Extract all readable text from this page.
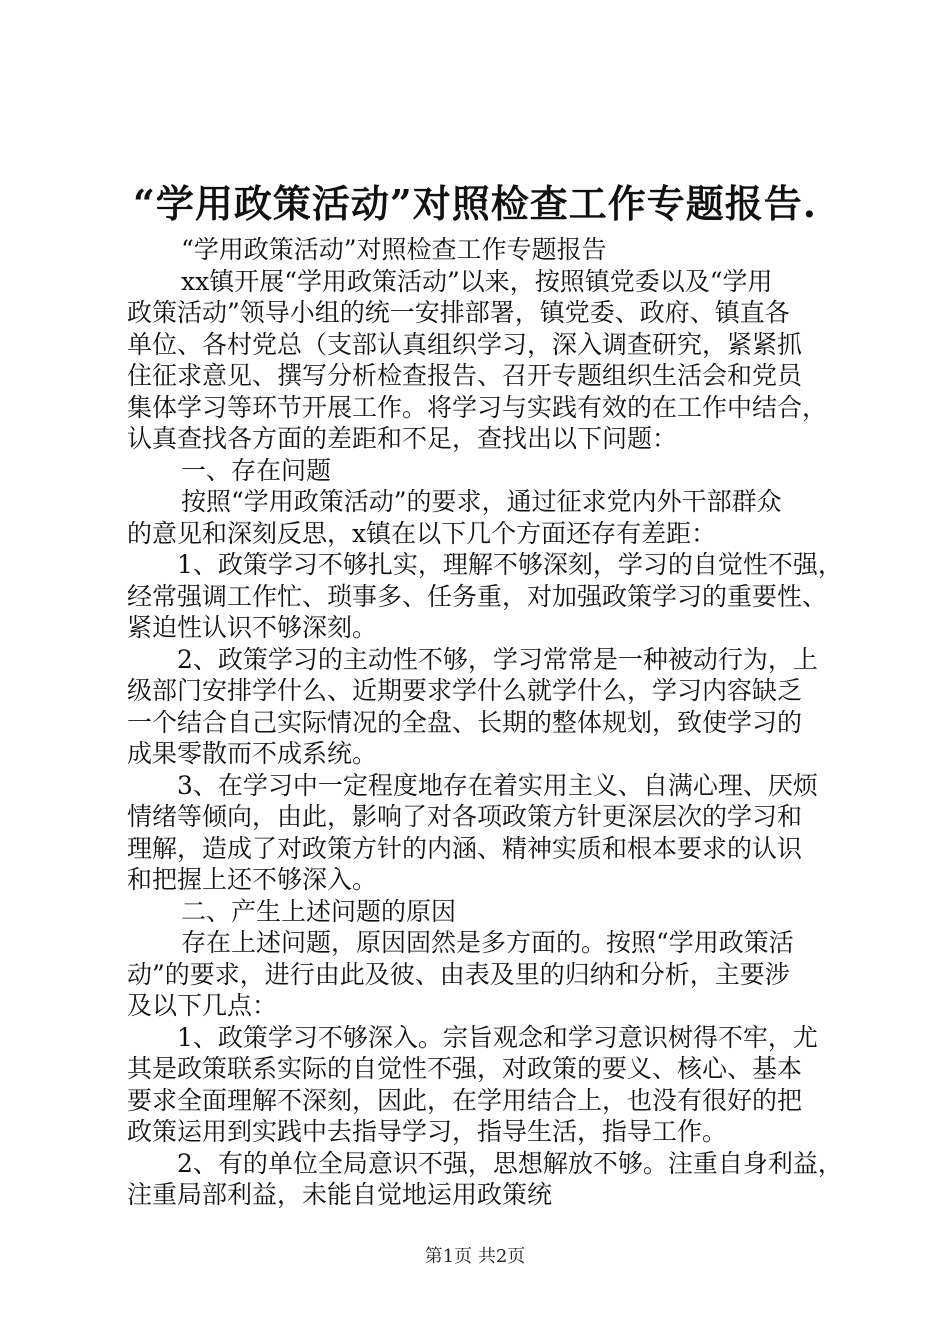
“学用政策活动”对照检查工作专题报告.
“学用政策活动”对照检查工作专题报告
xx镇开展“学用政策活动”以来，按照镇党委以及“学用
政策活动”领导小组的统一安排部署，镇党委、政府、镇直各
单位、各村党总（支部认真组织学习，深入调查研究，紧紧抓
住征求意见、撰写分析检查报告、召开专题组织生活会和党员
集体学习等环节开展工作。将学习与实践有效的在工作中结合，
认真查找各方面的差距和不足，查找出以下问题：
一、存在问题
按照“学用政策活动”的要求，通过征求党内外干部群众
的意见和深刻反思，x镇在以下几个方面还存有差距：
1、政策学习不够扎实，理解不够深刻，学习的自觉性不强，
经常强调工作忙、琐事多、任务重，对加强政策学习的重要性、
紧迫性认识不够深刻。
2、政策学习的主动性不够，学习常常是一种被动行为，上
级部门安排学什么、近期要求学什么就学什么，学习内容缺乏
一个结合自己实际情况的全盘、长期的整体规划，致使学习的
成果零散而不成系统。
3、在学习中一定程度地存在着实用主义、自满心理、厌烦
情绪等倾向，由此，影响了对各项政策方针更深层次的学习和
理解，造成了对政策方针的内涵、精神实质和根本要求的认识
和把握上还不够深入。
二、产生上述问题的原因
存在上述问题，原因固然是多方面的。按照“学用政策活
动”的要求，进行由此及彼、由表及里的归纳和分析，主要涉
及以下几点：
1、政策学习不够深入。宗旨观念和学习意识树得不牢，尤
其是政策联系实际的自觉性不强，对政策的要义、核心、基本
要求全面理解不深刻，因此，在学用结合上，也没有很好的把
政策运用到实践中去指导学习，指导生活，指导工作。
2、有的单位全局意识不强，思想解放不够。注重自身利益，
注重局部利益，未能自觉地运用政策统
第1页 共2页
